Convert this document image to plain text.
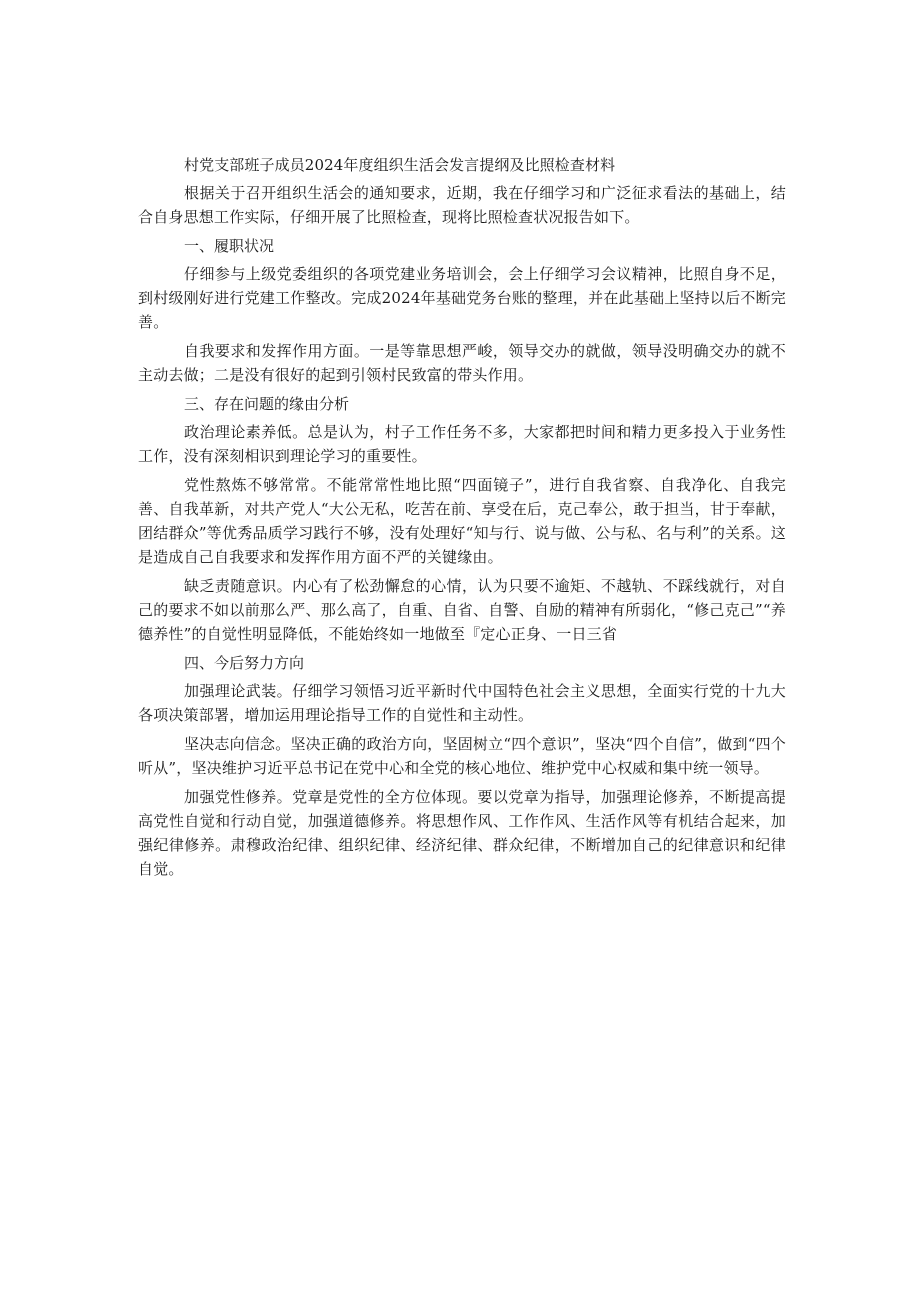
村党支部班子成员2024年度组织生活会发言提纲及比照检查材料

根据关于召开组织生活会的通知要求，近期，我在仔细学习和广泛征求看法的基础上，结合自身思想工作实际，仔细开展了比照检查，现将比照检查状况报告如下。

一、履职状况

仔细参与上级党委组织的各项党建业务培训会，会上仔细学习会议精神，比照自身不足，到村级刚好进行党建工作整改。完成2024年基础党务台账的整理，并在此基础上坚持以后不断完善。

自我要求和发挥作用方面。一是等靠思想严峻，领导交办的就做，领导没明确交办的就不主动去做；二是没有很好的起到引领村民致富的带头作用。

三、存在问题的缘由分析

政治理论素养低。总是认为，村子工作任务不多，大家都把时间和精力更多投入于业务性工作，没有深刻相识到理论学习的重要性。

党性熬炼不够常常。不能常常性地比照“四面镜子”，进行自我省察、自我净化、自我完善、自我革新，对共产党人“大公无私，吃苦在前、享受在后，克己奉公，敢于担当，甘于奉献，团结群众”等优秀品质学习践行不够，没有处理好“知与行、说与做、公与私、名与利”的关系。这是造成自己自我要求和发挥作用方面不严的关键缘由。

缺乏责随意识。内心有了松劲懈怠的心情，认为只要不逾矩、不越轨、不踩线就行，对自己的要求不如以前那么严、那么高了，自重、自省、自警、自励的精神有所弱化，“修己克己”“养德养性”的自觉性明显降低，不能始终如一地做至『定心正身、一日三省

四、今后努力方向

加强理论武装。仔细学习领悟习近平新时代中国特色社会主义思想，全面实行党的十九大各项决策部署，增加运用理论指导工作的自觉性和主动性。

坚决志向信念。坚决正确的政治方向，坚固树立“四个意识”，坚决“四个自信”，做到“四个听从”，坚决维护习近平总书记在党中心和全党的核心地位、维护党中心权威和集中统一领导。

加强党性修养。党章是党性的全方位体现。要以党章为指导，加强理论修养，不断提高提高党性自觉和行动自觉，加强道德修养。将思想作风、工作作风、生活作风等有机结合起来，加强纪律修养。肃穆政治纪律、组织纪律、经济纪律、群众纪律，不断增加自己的纪律意识和纪律自觉。
